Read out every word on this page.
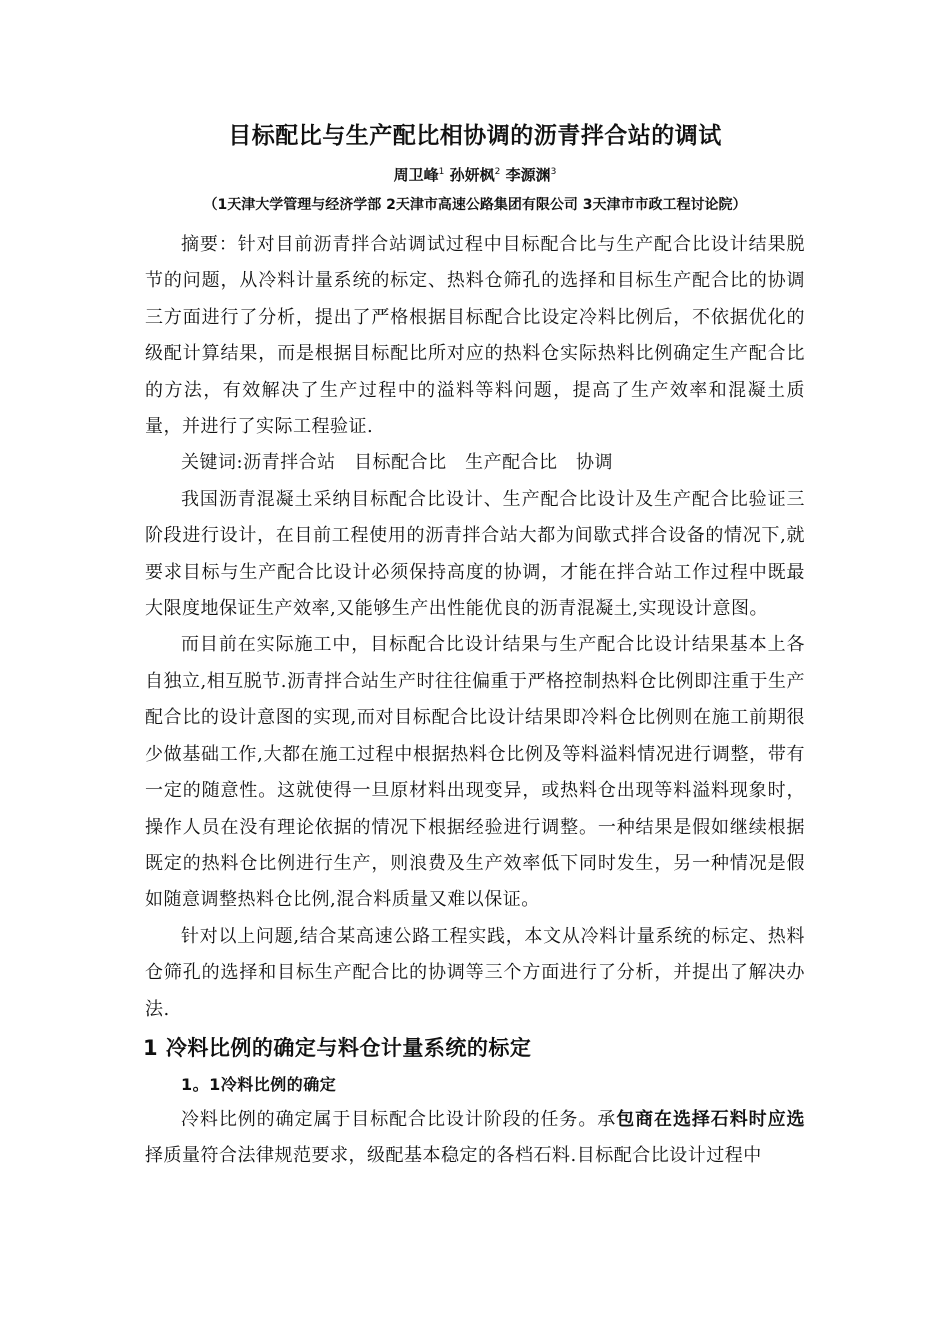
目标配比与生产配比相协调的沥青拌合站的调试
周卫峰$^1$ 孙妍枫$^2$ 李源渊$^3$
（1天津大学管理与经济学部 2天津市高速公路集团有限公司 3天津市市政工程讨论院）

摘要：针对目前沥青拌合站调试过程中目标配合比与生产配合比设计结果脱节的问题，从冷料计量系统的标定、热料仓筛孔的选择和目标生产配合比的协调三方面进行了分析，提出了严格根据目标配合比设定冷料比例后，不依据优化的级配计算结果，而是根据目标配比所对应的热料仓实际热料比例确定生产配合比的方法，有效解决了生产过程中的溢料等料问题，提高了生产效率和混凝土质量，并进行了实际工程验证.

关键词:沥青拌合站　目标配合比　生产配合比　协调

我国沥青混凝土采纳目标配合比设计、生产配合比设计及生产配合比验证三阶段进行设计，在目前工程使用的沥青拌合站大都为间歇式拌合设备的情况下,就要求目标与生产配合比设计必须保持高度的协调，才能在拌合站工作过程中既最大限度地保证生产效率,又能够生产出性能优良的沥青混凝土,实现设计意图。

而目前在实际施工中，目标配合比设计结果与生产配合比设计结果基本上各自独立,相互脱节.沥青拌合站生产时往往偏重于严格控制热料仓比例即注重于生产配合比的设计意图的实现,而对目标配合比设计结果即冷料仓比例则在施工前期很少做基础工作,大都在施工过程中根据热料仓比例及等料溢料情况进行调整，带有一定的随意性。这就使得一旦原材料出现变异，或热料仓出现等料溢料现象时，操作人员在没有理论依据的情况下根据经验进行调整。一种结果是假如继续根据既定的热料仓比例进行生产，则浪费及生产效率低下同时发生，另一种情况是假如随意调整热料仓比例,混合料质量又难以保证。

针对以上问题,结合某高速公路工程实践，本文从冷料计量系统的标定、热料仓筛孔的选择和目标生产配合比的协调等三个方面进行了分析，并提出了解决办法.

1 冷料比例的确定与料仓计量系统的标定

1。1冷料比例的确定

冷料比例的确定属于目标配合比设计阶段的任务。承包商在选择石料时应选择质量符合法律规范要求，级配基本稳定的各档石料.目标配合比设计过程中
